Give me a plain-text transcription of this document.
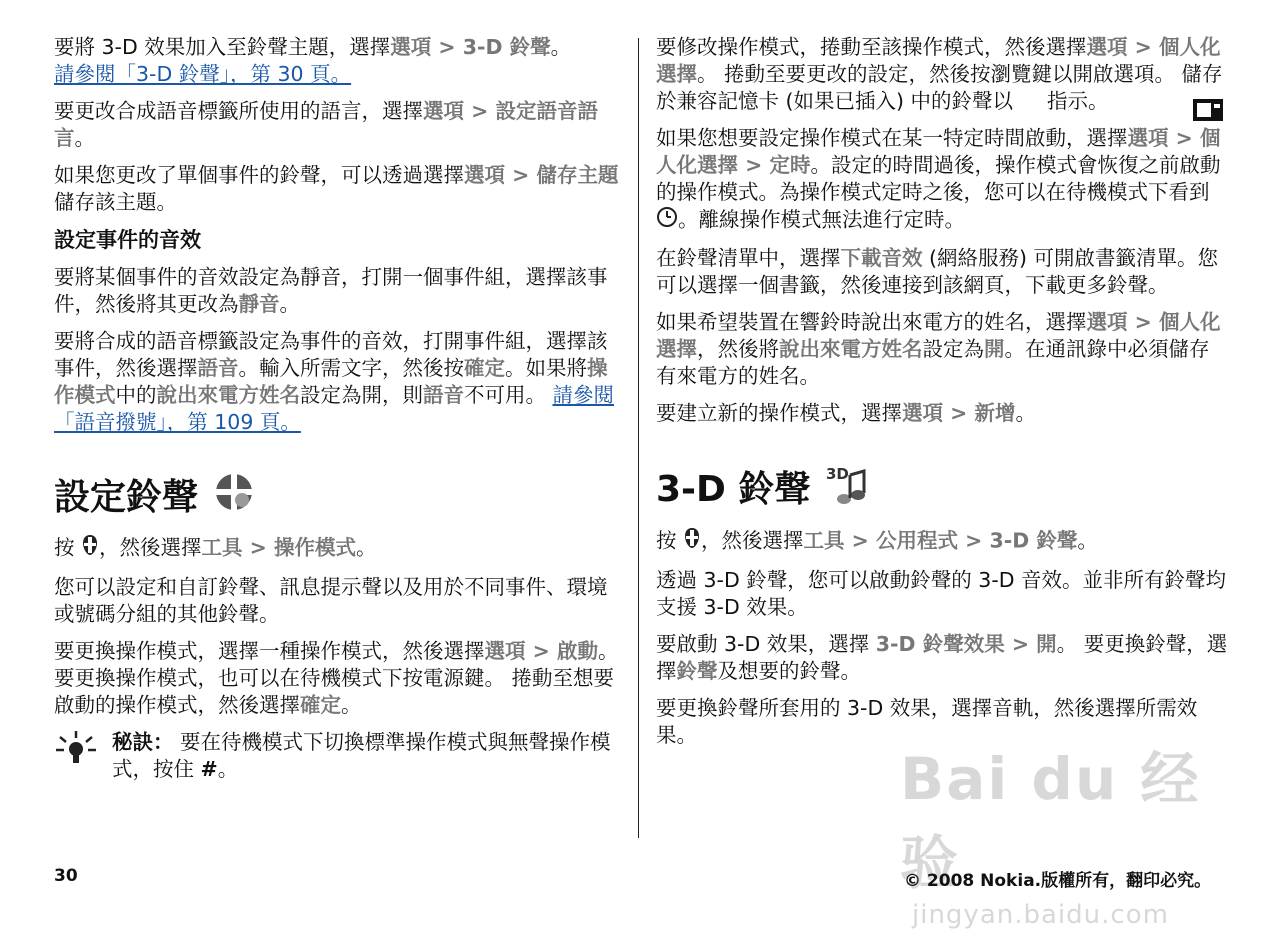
要將 3-D 效果加入至鈴聲主題，選擇選項 > 3-D 鈴聲。
請參閱「3-D 鈴聲」，第 30 頁。

要更改合成語音標籤所使用的語言，選擇選項 > 設定語音語言。

如果您更改了單個事件的鈴聲，可以透過選擇選項 > 儲存主題儲存該主題。

設定事件的音效

要將某個事件的音效設定為靜音，打開一個事件組，選擇該事件，然後將其更改為靜音。

要將合成的語音標籤設定為事件的音效，打開事件組，選擇該事件，然後選擇語音。輸入所需文字，然後按確定。如果將操作模式中的說出來電方姓名設定為開，則語音不可用。 請參閱「語音撥號」，第 109 頁。

設定鈴聲

按 ，然後選擇工具 > 操作模式。

您可以設定和自訂鈴聲、訊息提示聲以及用於不同事件、環境或號碼分組的其他鈴聲。

要更換操作模式，選擇一種操作模式，然後選擇選項 > 啟動。要更換操作模式，也可以在待機模式下按電源鍵。 捲動至想要啟動的操作模式，然後選擇確定。

秘訣： 要在待機模式下切換標準操作模式與無聲操作模式，按住 #。

要修改操作模式，捲動至該操作模式，然後選擇選項 > 個人化選擇。 捲動至要更改的設定，然後按瀏覽鍵以開啟選項。 儲存於兼容記憶卡 (如果已插入) 中的鈴聲以 指示。

如果您想要設定操作模式在某一特定時間啟動，選擇選項 > 個人化選擇 > 定時。設定的時間過後，操作模式會恢復之前啟動的操作模式。為操作模式定時之後，您可以在待機模式下看到 。離線操作模式無法進行定時。

在鈴聲清單中，選擇下載音效 (網絡服務) 可開啟書籤清單。您可以選擇一個書籤，然後連接到該網頁，下載更多鈴聲。

如果希望裝置在響鈴時說出來電方的姓名，選擇選項 > 個人化選擇，然後將說出來電方姓名設定為開。在通訊錄中必須儲存有來電方的姓名。

要建立新的操作模式，選擇選項 > 新增。

3-D 鈴聲 3D

按 ，然後選擇工具 > 公用程式 > 3-D 鈴聲。

透過 3-D 鈴聲，您可以啟動鈴聲的 3-D 音效。並非所有鈴聲均支援 3-D 效果。

要啟動 3-D 效果，選擇 3-D 鈴聲效果 > 開。 要更換鈴聲，選擇鈴聲及想要的鈴聲。

要更換鈴聲所套用的 3-D 效果，選擇音軌，然後選擇所需效果。

Bai du 经验
jingyan.baidu.com
30	© 2008 Nokia.版權所有，翻印必究。
